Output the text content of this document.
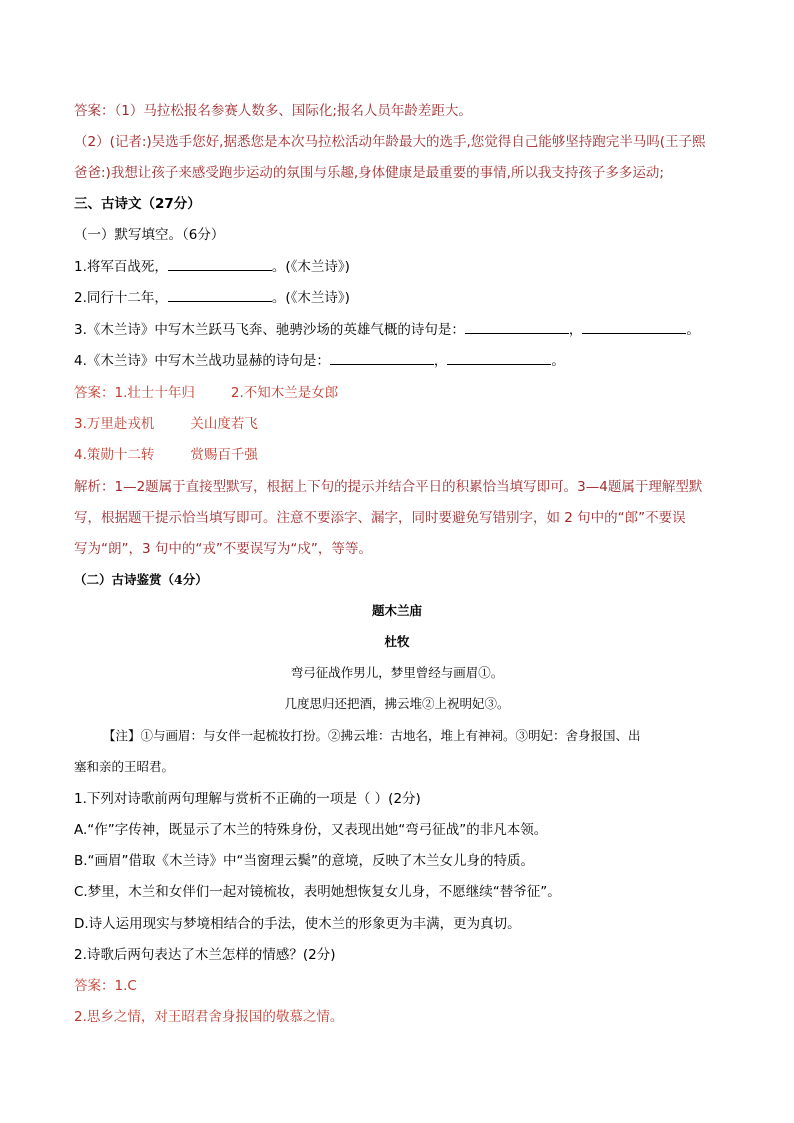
答案：（1）马拉松报名参赛人数多、国际化;报名人员年龄差距大。
（2）(记者:)吴选手您好,据悉您是本次马拉松活动年龄最大的选手,您觉得自己能够坚持跑完半马吗(王子熙
爸爸:)我想让孩子来感受跑步运动的氛围与乐趣,身体健康是最重要的事情,所以我支持孩子多多运动;
三、古诗文（27分）
（一）默写填空。（6分）
1.将军百战死，	。(《木兰诗》)
2.同行十二年，	。(《木兰诗》)
3.《木兰诗》中写木兰跃马飞奔、驰骋沙场的英雄气概的诗句是：	，	。
4.《木兰诗》中写木兰战功显赫的诗句是：	，	。
答案：1.壮士十年归	2.不知木兰是女郎
3.万里赴戎机	关山度若飞
4.策勋十二转	赏赐百千强
解析：1—2题属于直接型默写，根据上下句的提示并结合平日的积累恰当填写即可。3—4题属于理解型默
写，根据题干提示恰当填写即可。注意不要添字、漏字，同时要避免写错别字，如 2 句中的“郎”不要误
写为“朗”，3 句中的“戎”不要误写为“戍”，等等。
（二）古诗鉴赏（4分）
题木兰庙
杜牧
弯弓征战作男儿，梦里曾经与画眉①。
几度思归还把酒，拂云堆②上祝明妃③。
【注】①与画眉：与女伴一起梳妆打扮。②拂云堆：古地名，堆上有神祠。③明妃：舍身报国、出
塞和亲的王昭君。
1.下列对诗歌前两句理解与赏析不正确的一项是（ ）(2分)
A.“作”字传神，既显示了木兰的特殊身份，又表现出她“弯弓征战”的非凡本领。
B.“画眉”借取《木兰诗》中“当窗理云鬓”的意境，反映了木兰女儿身的特质。
C.梦里，木兰和女伴们一起对镜梳妆，表明她想恢复女儿身，不愿继续“替爷征”。
D.诗人运用现实与梦境相结合的手法，使木兰的形象更为丰满，更为真切。
2.诗歌后两句表达了木兰怎样的情感？(2分)
答案：1.C
2.思乡之情，对王昭君舍身报国的敬慕之情。
